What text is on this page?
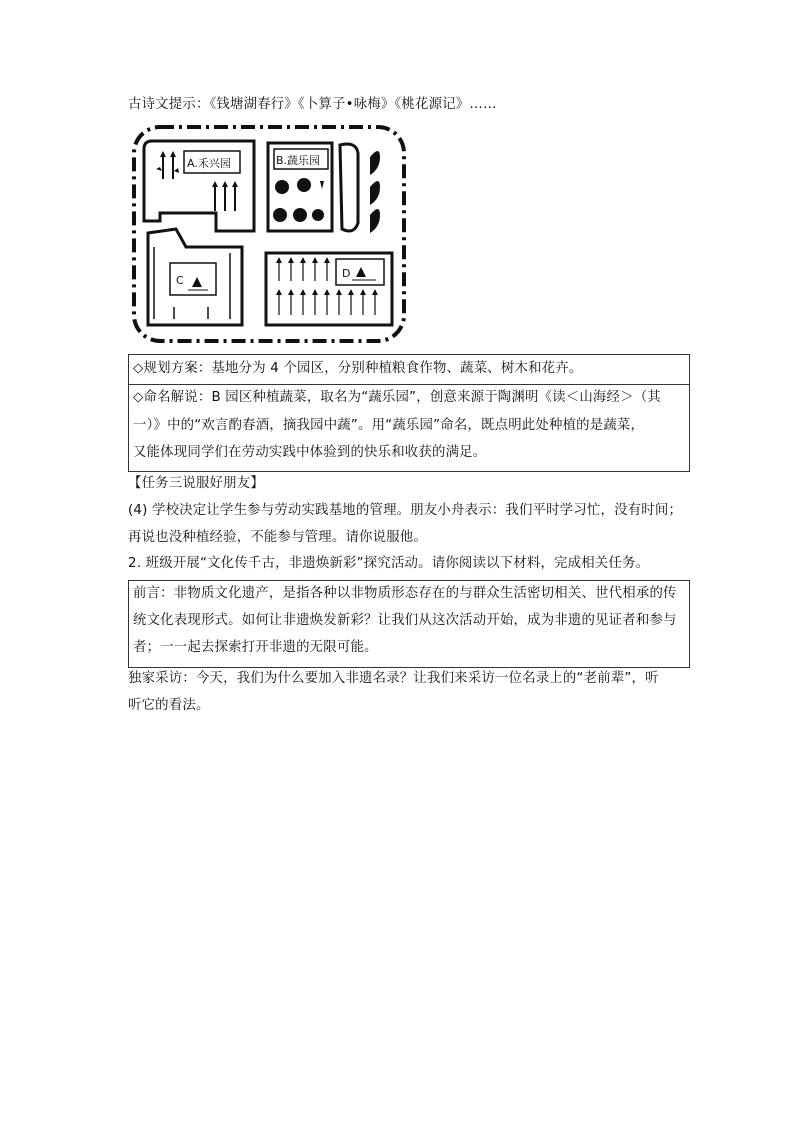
古诗文提示：《钱塘湖春行》《卜算子•咏梅》《桃花源记》……
A.禾兴园	B.蔬乐园
C
D
◇规划方案：基地分为 4 个园区，分别种植粮食作物、蔬菜、树木和花卉。
◇命名解说：B 园区种植蔬菜，取名为“蔬乐园”，创意来源于陶渊明《读＜山海经＞（其
一）》中的“欢言酌春酒，摘我园中蔬”。用“蔬乐园”命名，既点明此处种植的是蔬菜，
又能体现同学们在劳动实践中体验到的快乐和收获的满足。
【任务三说服好朋友】
(4) 学校决定让学生参与劳动实践基地的管理。朋友小舟表示：我们平时学习忙，没有时间；
再说也没种植经验，不能参与管理。请你说服他。
2. 班级开展“文化传千古，非遗焕新彩”探究活动。请你阅读以下材料，完成相关任务。
前言：非物质文化遗产，是指各种以非物质形态存在的与群众生活密切相关、世代相承的传
统文化表现形式。如何让非遗焕发新彩？让我们从这次活动开始，成为非遗的见证者和参与
者；一一起去探索打开非遗的无限可能。
独家采访：今天，我们为什么要加入非遗名录？让我们来采访一位名录上的“老前辈”，听
听它的看法。
